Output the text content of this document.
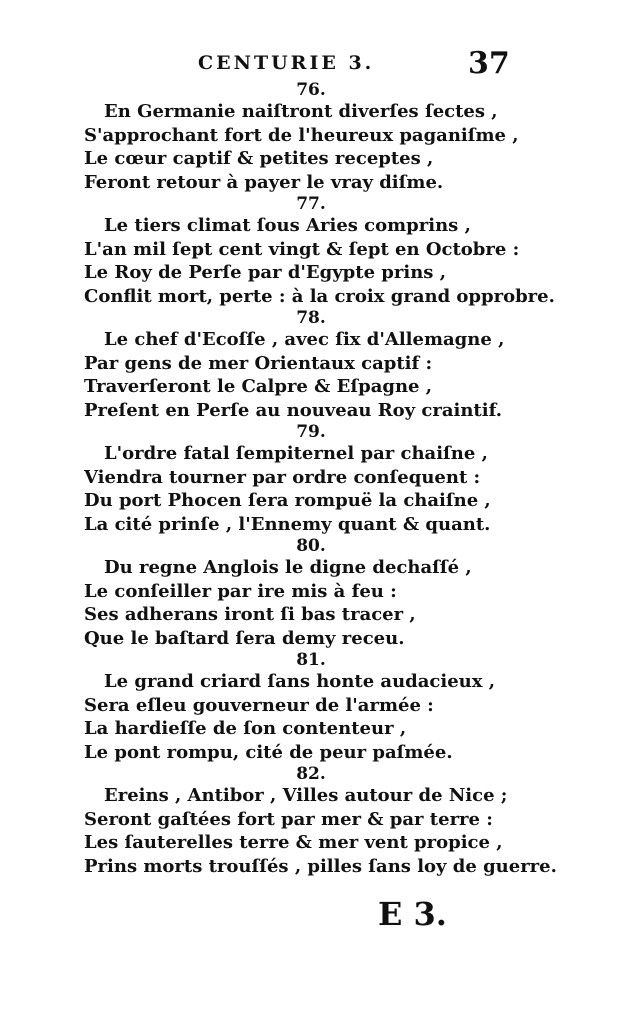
CENTURIE 3.	37
76.
En Germanie naiſtront diverſes ſectes ,
S'approchant fort de l'heureux paganiſme ,
Le cœur captif & petites receptes ,
Feront retour à payer le vray diſme.
77.
Le tiers climat ſous Aries comprins ,
L'an mil ſept cent vingt & ſept en Octobre :
Le Roy de Perſe par d'Egypte prins ,
Conflit mort, perte : à la croix grand opprobre.
78.
Le chef d'Ecoſſe , avec ſix d'Allemagne ,
Par gens de mer Orientaux captif :
Traverſeront le Calpre & Eſpagne ,
Preſent en Perſe au nouveau Roy craintif.
79.
L'ordre fatal ſempiternel par chaiſne ,
Viendra tourner par ordre conſequent :
Du port Phocen ſera rompuë la chaiſne ,
La cité prinſe , l'Ennemy quant & quant.
80.
Du regne Anglois le digne dechaſſé ,
Le conſeiller par ire mis à feu :
Ses adherans iront ſi bas tracer ,
Que le baſtard ſera demy receu.
81.
Le grand criard ſans honte audacieux ,
Sera eſleu gouverneur de l'armée :
La hardieſſe de ſon contenteur ,
Le pont rompu, cité de peur paſmée.
82.
Ereins , Antibor , Villes autour de Nice ;
Seront gaſtées fort par mer & par terre :
Les ſauterelles terre & mer vent propice ,
Prins morts trouſſés , pilles ſans loy de guerre.
E 3.
